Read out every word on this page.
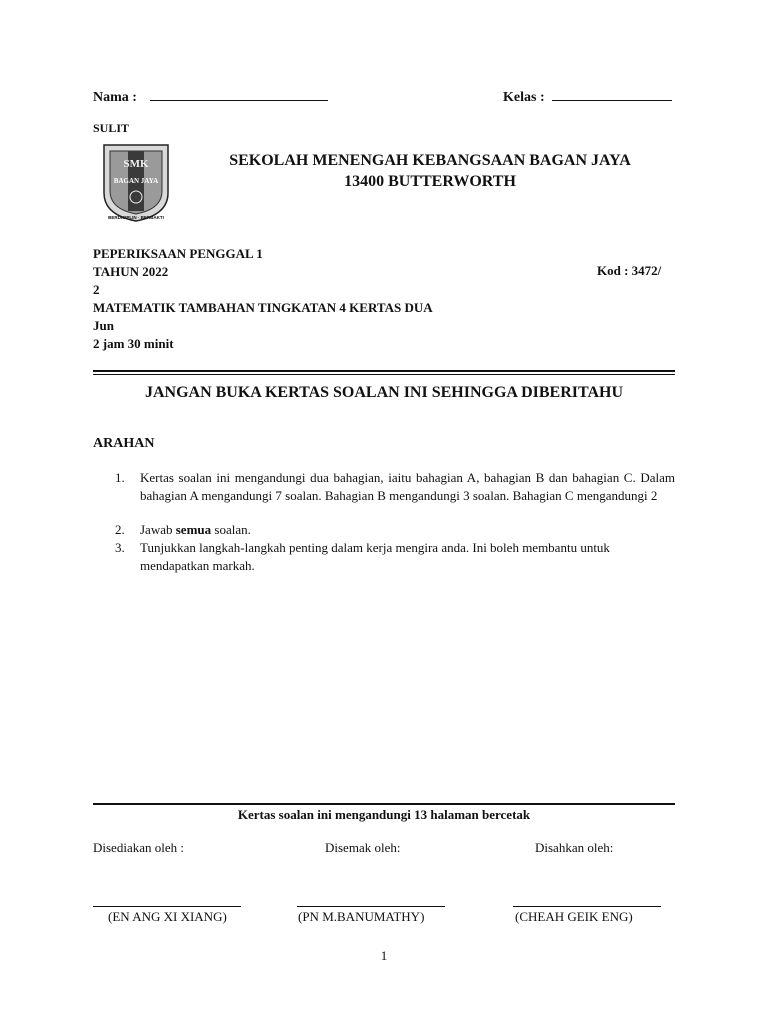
Nama :	Kelas :
SULIT
SMK
BAGAN JAYA
BERDISIPLIN · BERBAKTI
SEKOLAH MENENGAH KEBANGSAAN BAGAN JAYA
13400 BUTTERWORTH
PEPERIKSAAN PENGGAL 1
TAHUN 2022
2
MATEMATIK TAMBAHAN TINGKATAN 4 KERTAS DUA
Jun
2 jam 30 minit
Kod : 3472/
JANGAN BUKA KERTAS SOALAN INI SEHINGGA DIBERITAHU
ARAHAN
1.	Kertas soalan ini mengandungi dua bahagian, iaitu bahagian A, bahagian B dan bahagian C. Dalam bahagian A mengandungi 7 soalan. Bahagian B mengandungi 3 soalan. Bahagian C mengandungi 2
2.	Jawab semua soalan.
3.	Tunjukkan langkah-langkah penting dalam kerja mengira anda. Ini boleh membantu untuk mendapatkan markah.
Kertas soalan ini mengandungi 13 halaman bercetak
Disediakan oleh :	Disemak oleh:	Disahkan oleh:
(EN ANG XI XIANG)	(PN M.BANUMATHY)	(CHEAH GEIK ENG)
1
